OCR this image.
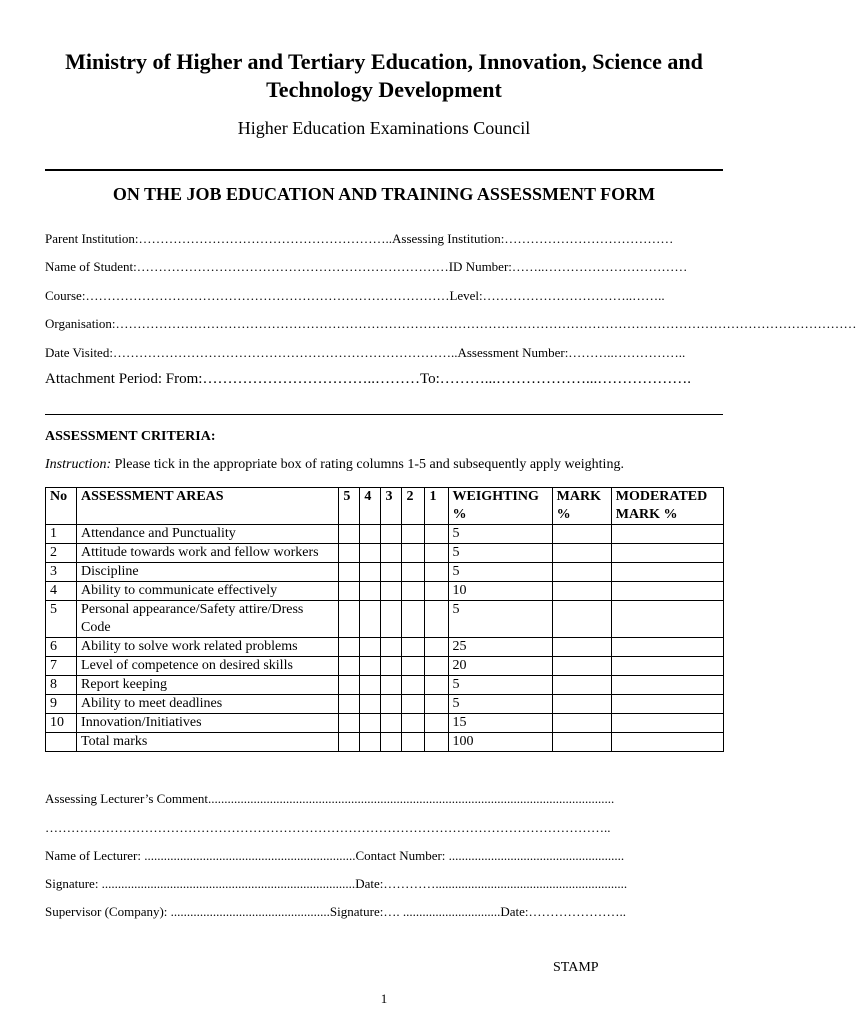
Ministry of Higher and Tertiary Education, Innovation, Science and Technology Development
Higher Education Examinations Council
ON THE JOB EDUCATION AND TRAINING ASSESSMENT FORM
Parent Institution:…………………………………………………..Assessing Institution:…………………………………
Name of Student:………………………………………………………………ID Number:……..……………………………
Course:…………………………………………………………………………Level:……………………………..……..
Organisation:………………………………………………………………………………………………………………………………………………………
Date Visited:……………………………………………………………………..Assessment Number:………..……………..
Attachment Period: From:……………………………..………To:………...………………...……………….
ASSESSMENT CRITERIA:
Instruction: Please tick in the appropriate box of rating columns 1-5 and subsequently apply weighting.
No	ASSESSMENT AREAS	5	4	3	2	1	WEIGHTING %	MARK %	MODERATED MARK %
1	Attendance and Punctuality						5		
2	Attitude towards work and fellow workers						5		
3	Discipline						5		
4	Ability to communicate effectively						10		
5	Personal appearance/Safety attire/Dress Code						5		
6	Ability to solve work related problems						25		
7	Level of competence on desired skills						20		
8	Report keeping						5		
9	Ability to meet deadlines						5		
10	Innovation/Initiatives						15		
	Total marks						100		
Assessing Lecturer’s Comment.............................................................................................................................
…………………………………………………………………………………………………………………..
Name of Lecturer: .................................................................Contact Number: ......................................................
Signature: ..............................................................................Date:…………...........................................................
Supervisor (Company): .................................................Signature:…. ..............................Date:…………………..
STAMP
1
